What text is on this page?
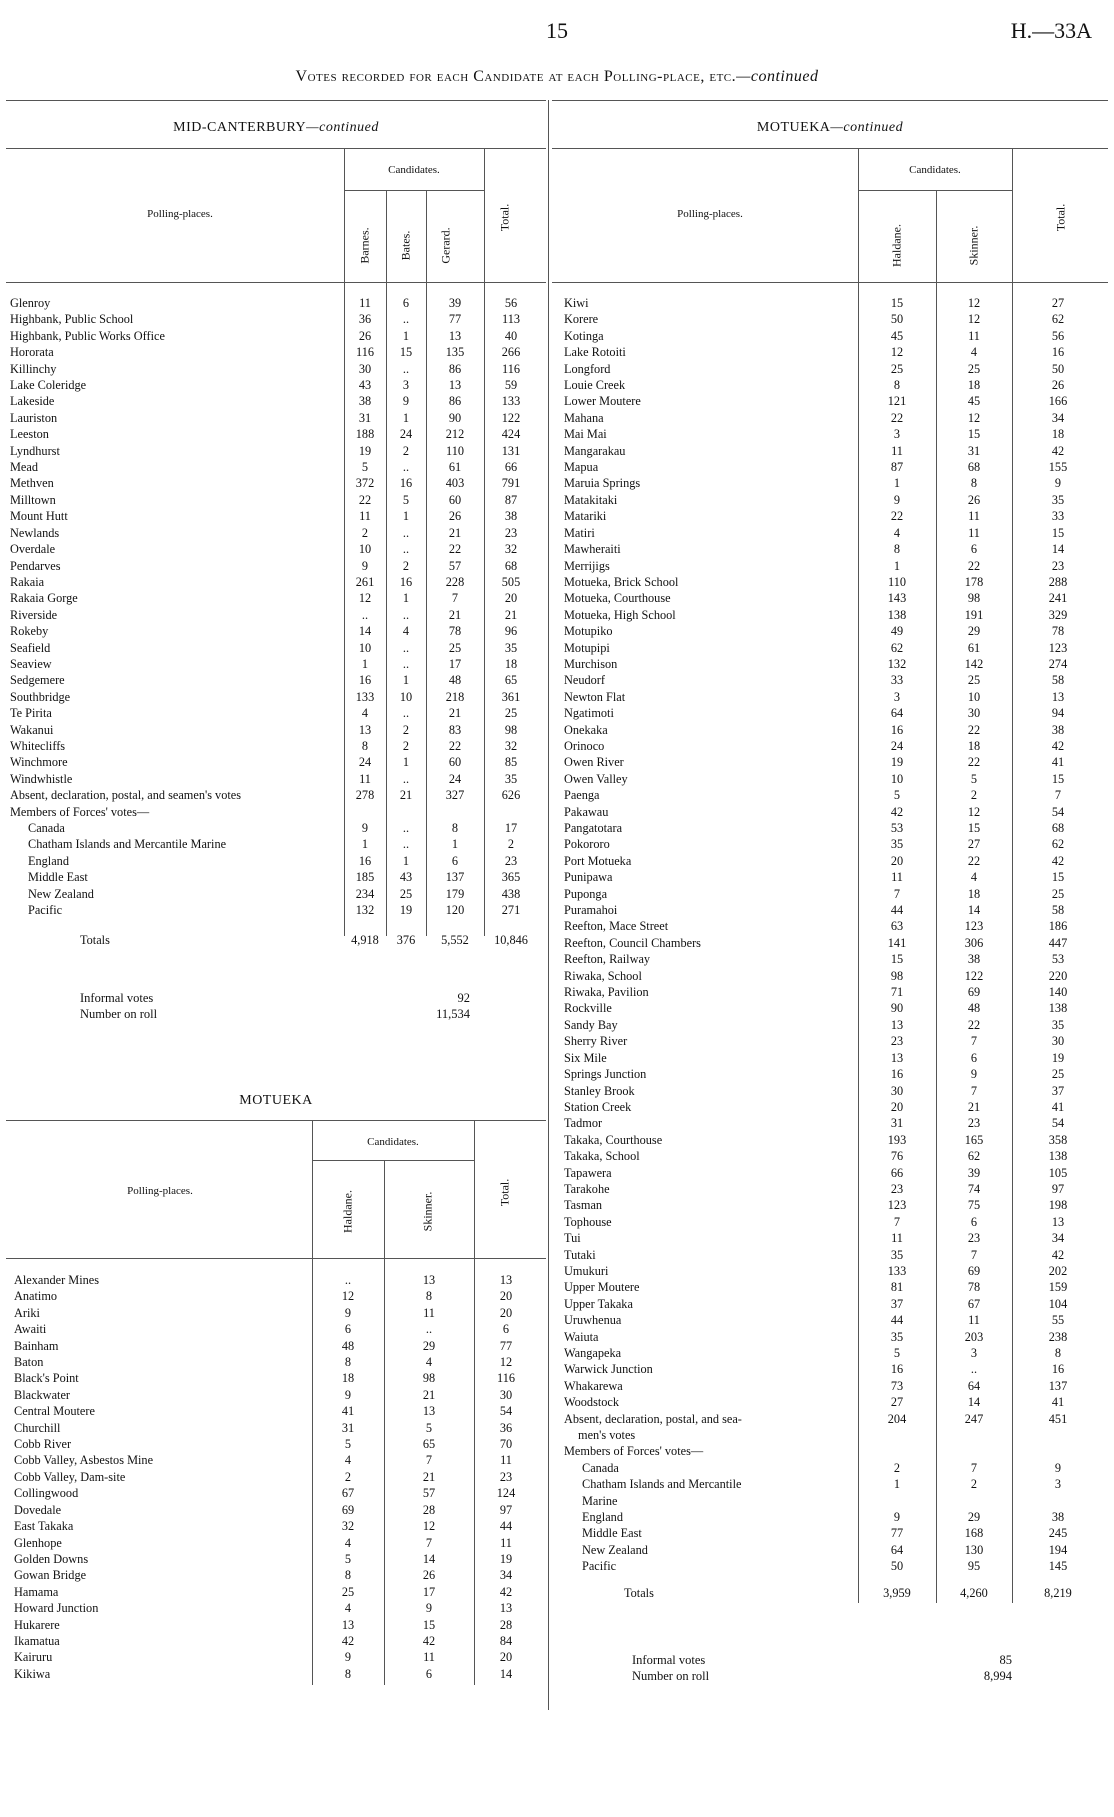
15	H.—33A
Votes recorded for each Candidate at each Polling-place, etc.—continued
MID-CANTERBURY—continued
Candidates.
Polling-places.
Barnes. Bates. Gerard.
Total.
Glenroy	11	6	39	56
Highbank, Public School	36	..	77	113
Highbank, Public Works Office	26	1	13	40
Hororata	116	15	135	266
Killinchy	30	..	86	116
Lake Coleridge	43	3	13	59
Lakeside	38	9	86	133
Lauriston	31	1	90	122
Leeston	188	24	212	424
Lyndhurst	19	2	110	131
Mead	5	..	61	66
Methven	372	16	403	791
Milltown	22	5	60	87
Mount Hutt	11	1	26	38
Newlands	2	..	21	23
Overdale	10	..	22	32
Pendarves	9	2	57	68
Rakaia	261	16	228	505
Rakaia Gorge	12	1	7	20
Riverside	..	..	21	21
Rokeby	14	4	78	96
Seafield	10	..	25	35
Seaview	1	..	17	18
Sedgemere	16	1	48	65
Southbridge	133	10	218	361
Te Pirita	4	..	21	25
Wakanui	13	2	83	98
Whitecliffs	8	2	22	32
Winchmore	24	1	60	85
Windwhistle	11	..	24	35
Absent, declaration, postal, and seamen's votes	278	21	327	626
Members of Forces' votes—				
Canada	9	..	8	17
Chatham Islands and Mercantile Marine	1	..	1	2
England	16	1	6	23
Middle East	185	43	137	365
New Zealand	234	25	179	438
Pacific	132	19	120	271
Totals	4,918	376	5,552	10,846
Informal votes	92
Number on roll	11,534
MOTUEKA
Candidates.
Polling-places.	Haldane.	Skinner.	Total.
Alexander Mines	..	13	13
Anatimo	12	8	20
Ariki	9	11	20
Awaiti	6	..	6
Bainham	48	29	77
Baton	8	4	12
Black's Point	18	98	116
Blackwater	9	21	30
Central Moutere	41	13	54
Churchill	31	5	36
Cobb River	5	65	70
Cobb Valley, Asbestos Mine	4	7	11
Cobb Valley, Dam-site	2	21	23
Collingwood	67	57	124
Dovedale	69	28	97
East Takaka	32	12	44
Glenhope	4	7	11
Golden Downs	5	14	19
Gowan Bridge	8	26	34
Hamama	25	17	42
Howard Junction	4	9	13
Hukarere	13	15	28
Ikamatua	42	42	84
Kairuru	9	11	20
Kikiwa	8	6	14
MOTUEKA—continued
Candidates.
Polling-places.
Haldane.	Skinner.
Total.
Kiwi	15	12	27
Korere	50	12	62
Kotinga	45	11	56
Lake Rotoiti	12	4	16
Longford	25	25	50
Louie Creek	8	18	26
Lower Moutere	121	45	166
Mahana	22	12	34
Mai Mai	3	15	18
Mangarakau	11	31	42
Mapua	87	68	155
Maruia Springs	1	8	9
Matakitaki	9	26	35
Matariki	22	11	33
Matiri	4	11	15
Mawheraiti	8	6	14
Merrijigs	1	22	23
Motueka, Brick School	110	178	288
Motueka, Courthouse	143	98	241
Motueka, High School	138	191	329
Motupiko	49	29	78
Motupipi	62	61	123
Murchison	132	142	274
Neudorf	33	25	58
Newton Flat	3	10	13
Ngatimoti	64	30	94
Onekaka	16	22	38
Orinoco	24	18	42
Owen River	19	22	41
Owen Valley	10	5	15
Paenga	5	2	7
Pakawau	42	12	54
Pangatotara	53	15	68
Pokororo	35	27	62
Port Motueka	20	22	42
Punipawa	11	4	15
Puponga	7	18	25
Puramahoi	44	14	58
Reefton, Mace Street	63	123	186
Reefton, Council Chambers	141	306	447
Reefton, Railway	15	38	53
Riwaka, School	98	122	220
Riwaka, Pavilion	71	69	140
Rockville	90	48	138
Sandy Bay	13	22	35
Sherry River	23	7	30
Six Mile	13	6	19
Springs Junction	16	9	25
Stanley Brook	30	7	37
Station Creek	20	21	41
Tadmor	31	23	54
Takaka, Courthouse	193	165	358
Takaka, School	76	62	138
Tapawera	66	39	105
Tarakohe	23	74	97
Tasman	123	75	198
Tophouse	7	6	13
Tui	11	23	34
Tutaki	35	7	42
Umukuri	133	69	202
Upper Moutere	81	78	159
Upper Takaka	37	67	104
Uruwhenua	44	11	55
Waiuta	35	203	238
Wangapeka	5	3	8
Warwick Junction	16	..	16
Whakarewa	73	64	137
Woodstock	27	14	41
Absent, declaration, postal, and sea-	204	247	451
men's votes			
Members of Forces' votes—			
Canada	2	7	9
Chatham Islands and Mercantile	1	2	3
Marine			
England	9	29	38
Middle East	77	168	245
New Zealand	64	130	194
Pacific	50	95	145
Totals	3,959	4,260	8,219
Informal votes	85
Number on roll	8,994
